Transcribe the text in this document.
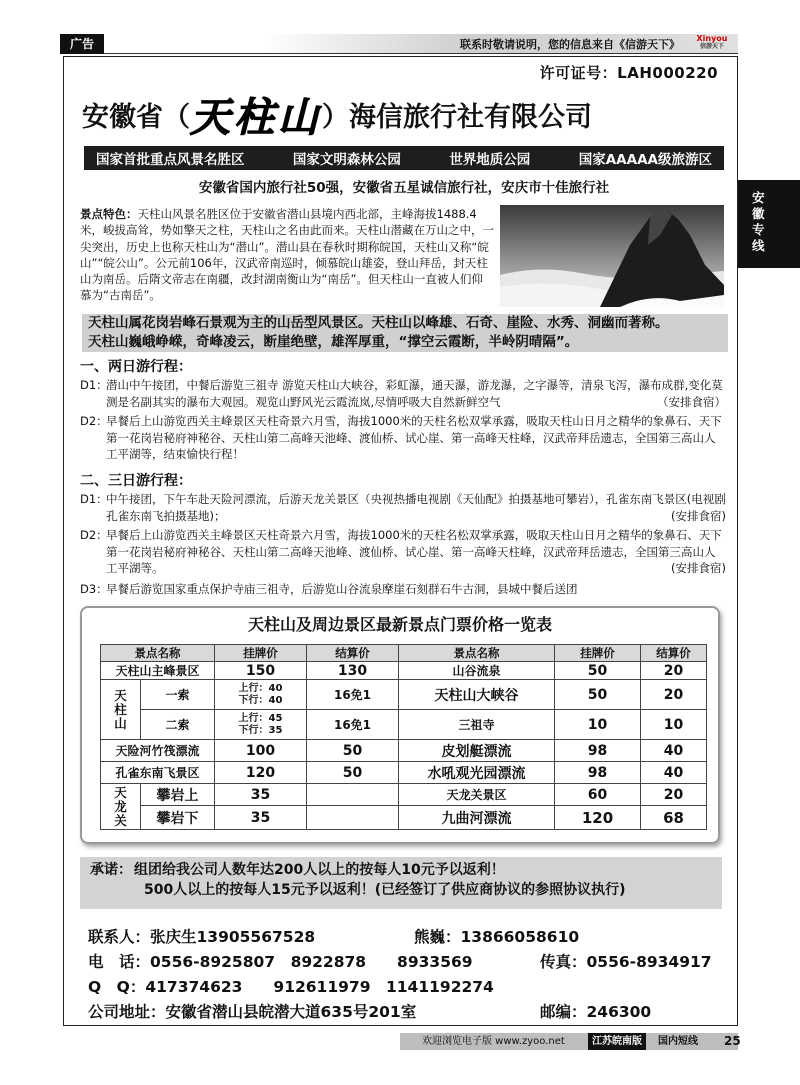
广告	联系时敬请说明，您的信息来自《信游天下》	Xinyou
信游天下
许可证号：LAH000220
安徽省（天柱山）海信旅行社有限公司
国家首批重点风景名胜区	国家文明森林公园	世界地质公园	国家AAAAA级旅游区
安徽省国内旅行社50强，安徽省五星诚信旅行社，安庆市十佳旅行社
景点特色：天柱山风景名胜区位于安徽省潜山县境内西北部，主峰海拔1488.4米，峻拔高耸，势如擎天之柱，天柱山之名由此而来。天柱山潜藏在万山之中，一尖突出，历史上也称天柱山为“潜山”。潜山县在春秋时期称皖国，天柱山又称“皖山”“皖公山”。公元前106年，汉武帝南巡时，倾慕皖山雄姿，登山拜岳，封天柱山为南岳。后隋文帝志在南疆，改封湖南衡山为“南岳”。但天柱山一直被人们仰慕为“古南岳”。
安徽专线
天柱山属花岗岩峰石景观为主的山岳型风景区。天柱山以峰雄、石奇、崖险、水秀、洞幽而著称。
天柱山巍峨峥嵘，奇峰凌云，断崖绝壁，雄浑厚重，“撑空云霞断，半岭阴晴隔”。
一、两日游行程：
D1：
潜山中午接团，中餐后游览三祖寺 游览天柱山大峡谷，彩虹瀑，通天瀑，游龙瀑，之字瀑等，清泉飞泻，瀑布成群,变化莫测是名副其实的瀑布大观园。观览山野风光云霞流岚,尽情呼吸大自然新鲜空气	（安排食宿）
D2：
早餐后上山游览西关主峰景区天柱奇景六月雪，海拔1000米的天柱名松双掌承露，吸取天柱山日月之精华的象鼻石、天下第一花岗岩秘府神秘谷、天柱山第二高峰天池峰、渡仙桥、试心崖、第一高峰天柱峰，汉武帝拜岳遗志，全国第三高山人工平湖等，结束愉快行程！
二、三日游行程：
D1：
中午接团，下午车赴天险河漂流，后游天龙关景区（央视热播电视剧《天仙配》拍摄基地可攀岩），孔雀东南飞景区(电视剧孔雀东南飞拍摄基地)；	(安排食宿)
D2：
早餐后上山游览西关主峰景区天柱奇景六月雪，海拔1000米的天柱名松双掌承露，吸取天柱山日月之精华的象鼻石、天下第一花岗岩秘府神秘谷、天柱山第二高峰天池峰、渡仙桥、试心崖、第一高峰天柱峰，汉武帝拜岳遗志，全国第三高山人工平湖等。	(安排食宿)
D3：
早餐后游览国家重点保护寺庙三祖寺，后游览山谷流泉摩崖石刻群石牛古洞，县城中餐后送团
天柱山及周边景区最新景点门票价格一览表
景点名称		挂牌价	结算价	景点名称	挂牌价	结算价
天柱山主峰景区		150	130	山谷流泉	50	20
天柱山	一索	上行：40
下行：40	16免1	天柱山大峡谷	50	20
	二索	上行：45
下行：35	16免1	三祖寺	10	10
天险河竹筏漂流		100	50	皮划艇漂流	98	40
孔雀东南飞景区		120	50	水吼观光园漂流	98	40
天龙关	攀岩上	35		天龙关景区	60	20
	攀岩下	35		九曲河漂流	120	68
承诺： 组团给我公司人数年达200人以上的按每人10元予以返利！
500人以上的按每人15元予以返利！(已经签订了供应商协议的参照协议执行)
联系人：张庆生13905567528	熊巍：13866058610
电　话：0556-8925807　8922878　　8933569	传真：0556-8934917
Q　Q：417374623　　912611979　1141192274
公司地址：安徽省潜山县皖潜大道635号201室	邮编：246300
欢迎浏览电子版 www.zyoo.net	江苏皖南版	国内短线 25
